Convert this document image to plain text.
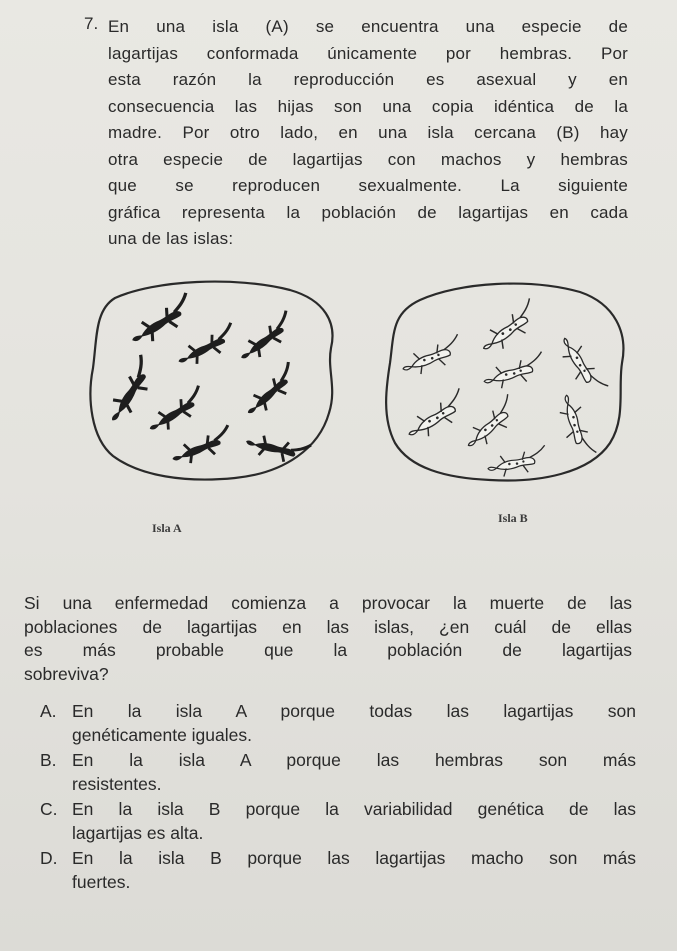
7. En una isla (A) se encuentra una especie de
lagartijas conformada únicamente por hembras. Por
esta razón la reproducción es asexual y en
consecuencia las hijas son una copia idéntica de la
madre. Por otro lado, en una isla cercana (B) hay
otra especie de lagartijas con machos y hembras
que se reproducen sexualmente. La siguiente
gráfica representa la población de lagartijas en cada
una de las islas:
Isla A
Isla B
Si una enfermedad comienza a provocar la muerte de las
poblaciones de lagartijas en las islas, ¿en cuál de ellas
es más probable que la población de lagartijas
sobreviva?
A. En la isla A porque todas las lagartijas son
genéticamente iguales.
B. En la isla A porque las hembras son más
resistentes.
C. En la isla B porque la variabilidad genética de las
lagartijas es alta.
D. En la isla B porque las lagartijas macho son más
fuertes.
